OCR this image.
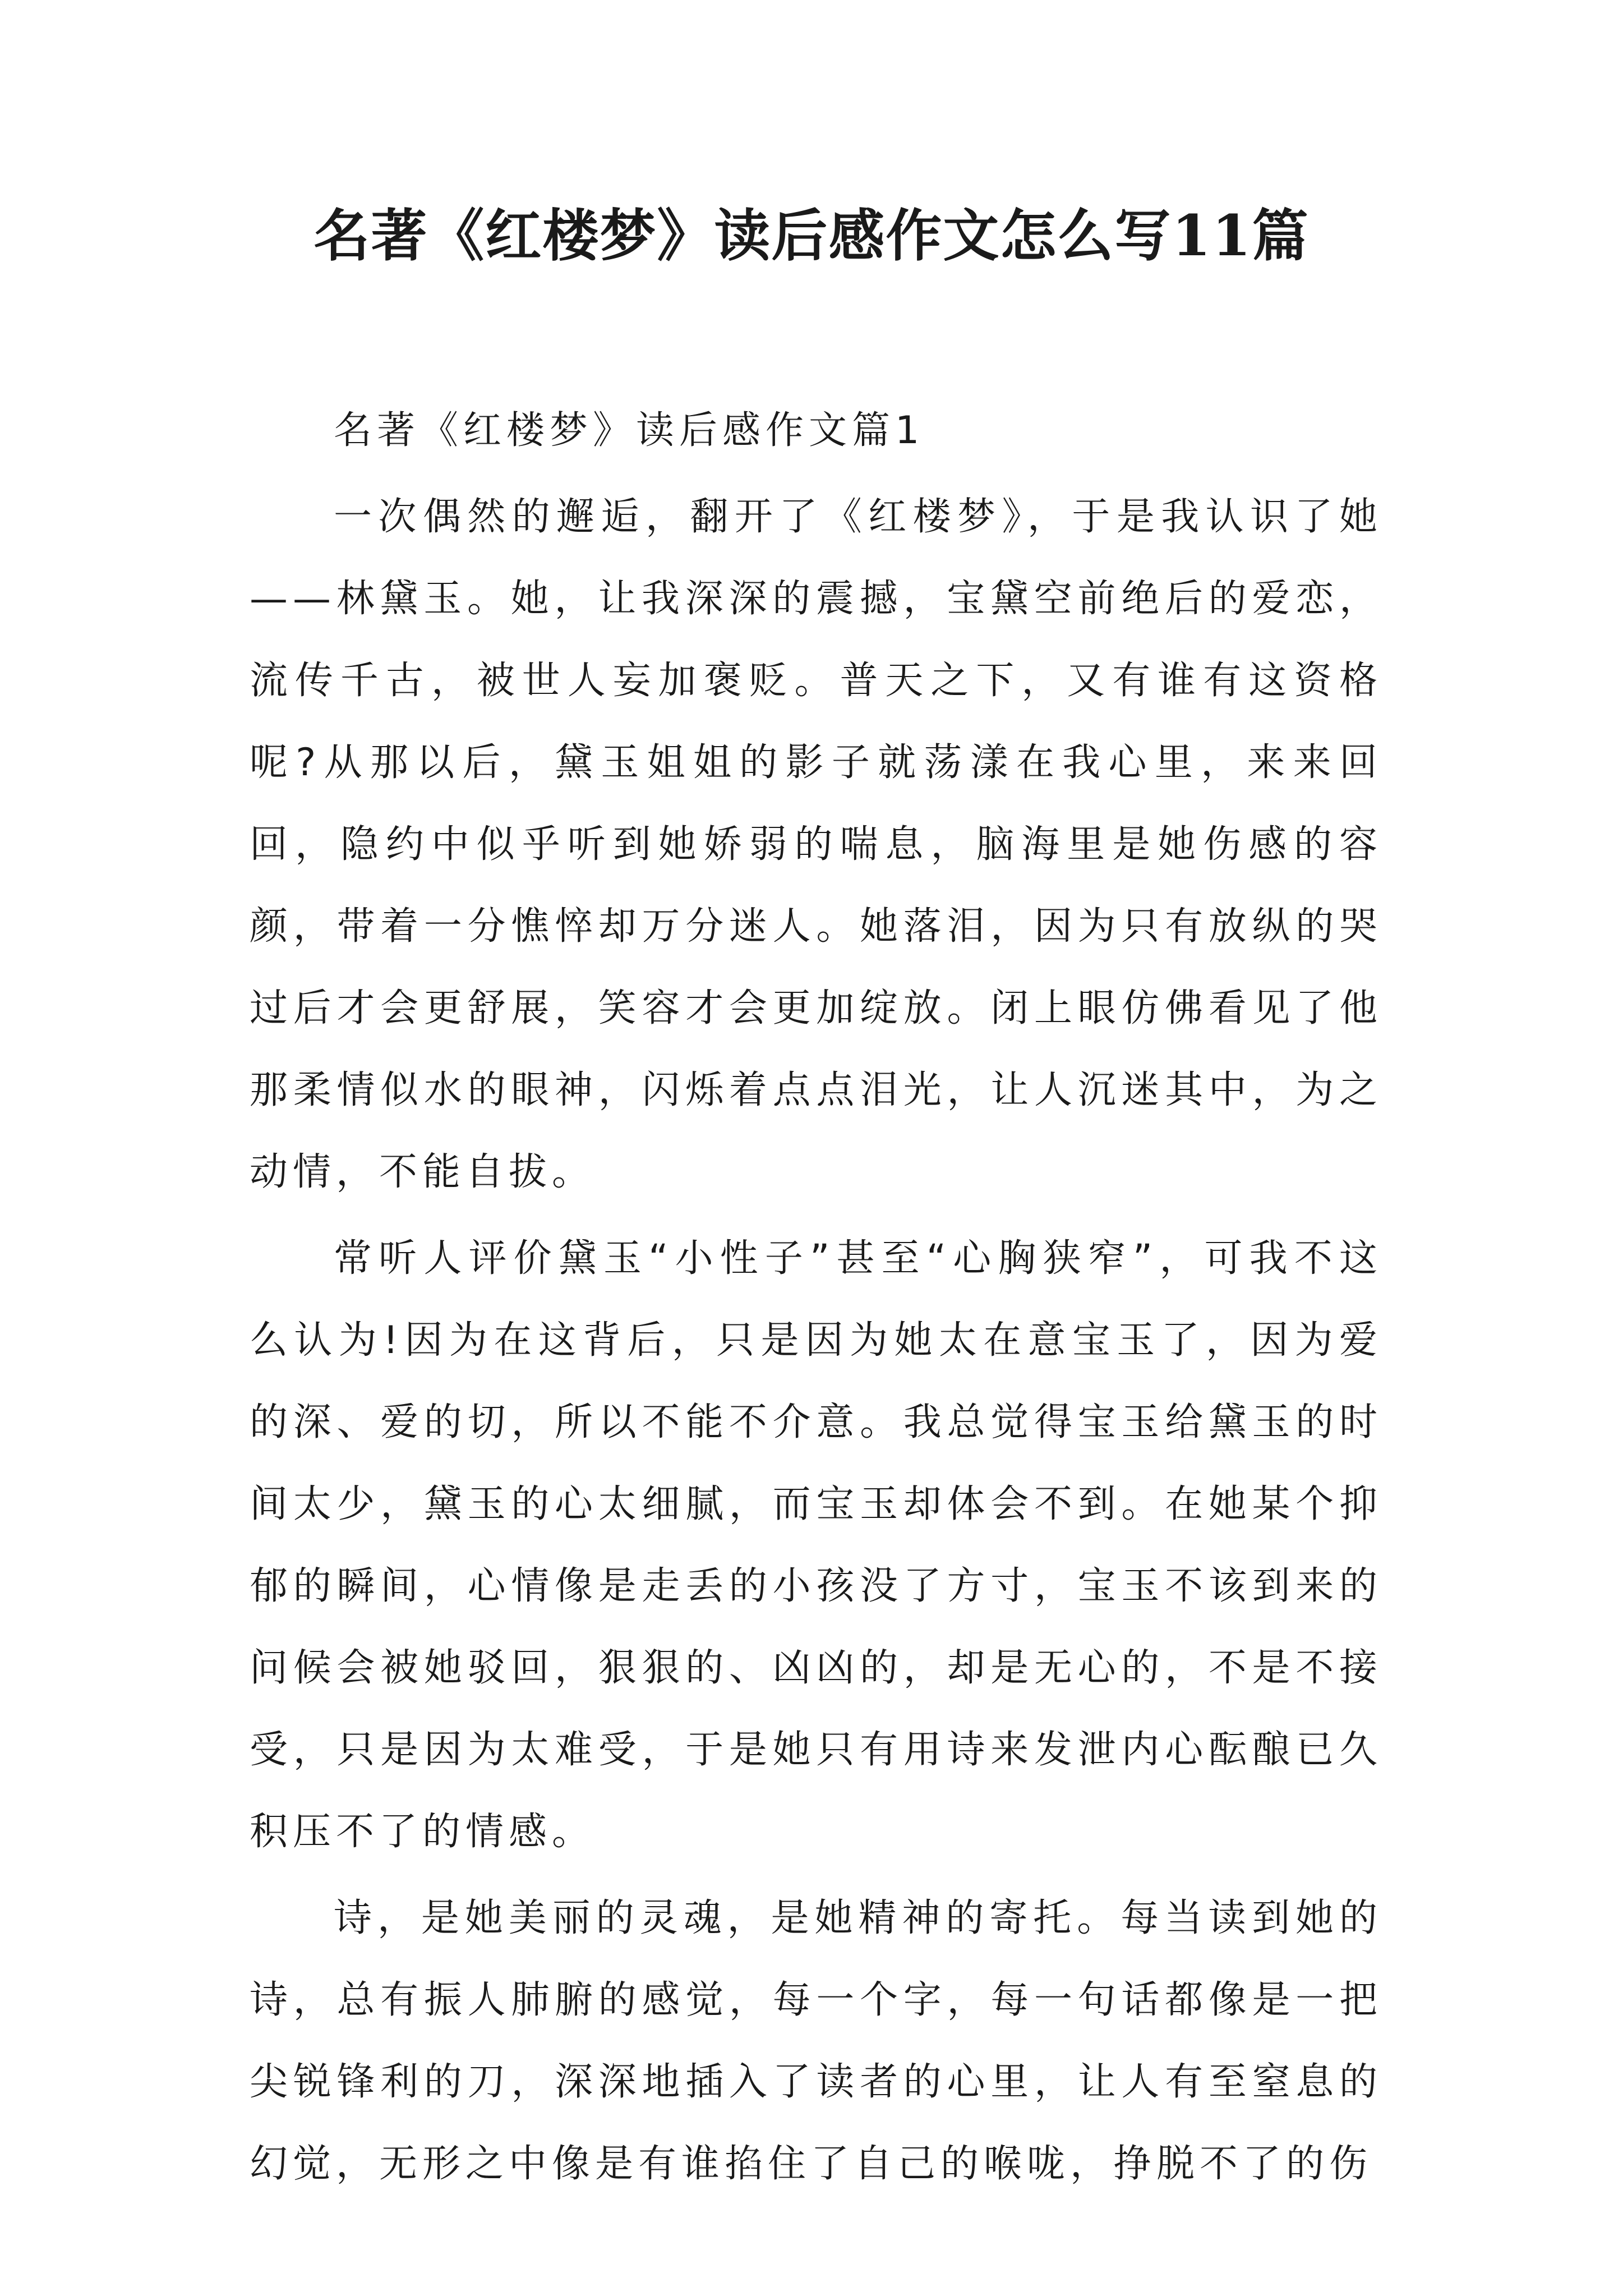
名著《红楼梦》读后感作文怎么写11篇

名著《红楼梦》读后感作文篇1

一次偶然的邂逅，翻开了《红楼梦》，于是我认识了她——林黛玉。她，让我深深的震撼，宝黛空前绝后的爱恋，流传千古，被世人妄加褒贬。普天之下，又有谁有这资格呢?从那以后，黛玉姐姐的影子就荡漾在我心里，来来回回，隐约中似乎听到她娇弱的喘息，脑海里是她伤感的容颜，带着一分憔悴却万分迷人。她落泪，因为只有放纵的哭过后才会更舒展，笑容才会更加绽放。闭上眼仿佛看见了他那柔情似水的眼神，闪烁着点点泪光，让人沉迷其中，为之动情，不能自拔。

常听人评价黛玉“小性子”甚至“心胸狭窄”，可我不这么认为!因为在这背后，只是因为她太在意宝玉了，因为爱的深、爱的切，所以不能不介意。我总觉得宝玉给黛玉的时间太少，黛玉的心太细腻，而宝玉却体会不到。在她某个抑郁的瞬间，心情像是走丢的小孩没了方寸，宝玉不该到来的问候会被她驳回，狠狠的、凶凶的，却是无心的，不是不接受，只是因为太难受，于是她只有用诗来发泄内心酝酿已久积压不了的情感。

诗，是她美丽的灵魂，是她精神的寄托。每当读到她的诗，总有振人肺腑的感觉，每一个字，每一句话都像是一把尖锐锋利的刀，深深地插入了读者的心里，让人有至窒息的幻觉，无形之中像是有谁掐住了自己的喉咙，挣脱不了的伤
